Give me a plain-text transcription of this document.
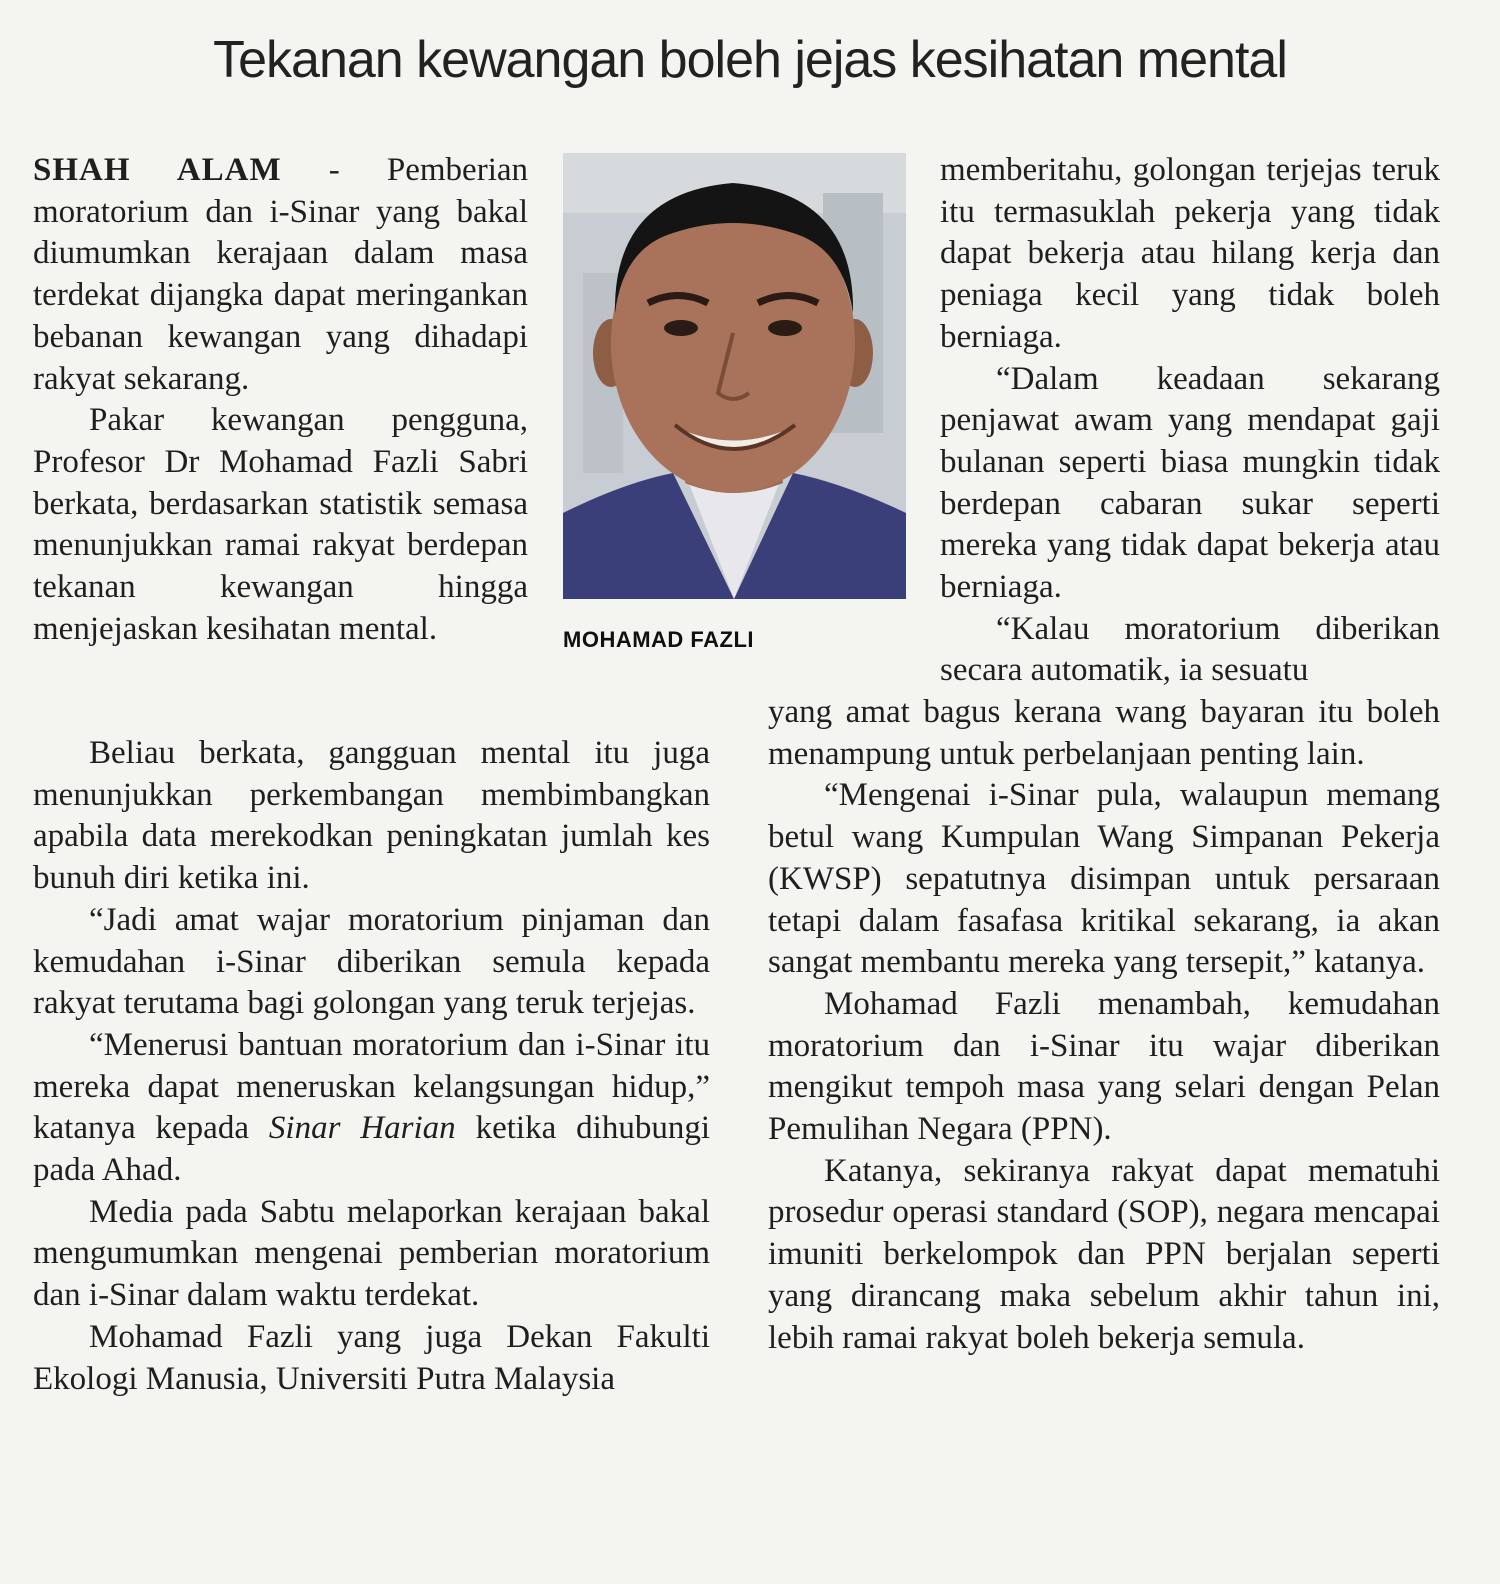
Tekanan kewangan boleh jejas kesihatan mental

SHAH ALAM - Pemberian moratorium dan i-Sinar yang bakal diumumkan kerajaan dalam masa terdekat dijangka dapat meringankan bebanan kewangan yang dihadapi rakyat sekarang.

Pakar kewangan pengguna, Profesor Dr Mohamad Fazli Sabri berkata, berdasarkan statistik semasa menunjukkan ramai rakyat berdepan tekanan kewangan hingga menjejaskan kesihatan mental.

Beliau berkata, gangguan mental itu juga menunjukkan perkembangan membimbangkan apabila data merekodkan peningkatan jumlah kes bunuh diri ketika ini.

“Jadi amat wajar moratorium pinjaman dan kemudahan i-Sinar diberikan semula kepada rakyat terutama bagi golongan yang teruk terjejas.

“Menerusi bantuan moratorium dan i-Sinar itu mereka dapat meneruskan kelangsungan hidup,” katanya kepada Sinar Harian ketika dihubungi pada Ahad.

Media pada Sabtu melaporkan kerajaan bakal mengumumkan mengenai pemberian moratorium dan i-Sinar dalam waktu terdekat.

Mohamad Fazli yang juga Dekan Fakulti Ekologi Manusia, Universiti Putra Malaysia

MOHAMAD FAZLI

memberitahu, golongan terjejas teruk itu termasuklah pekerja yang tidak dapat bekerja atau hilang kerja dan peniaga kecil yang tidak boleh berniaga.

“Dalam keadaan sekarang penjawat awam yang mendapat gaji bulanan seperti biasa mungkin tidak berdepan cabaran sukar seperti mereka yang tidak dapat bekerja atau berniaga.

“Kalau moratorium diberikan secara automatik, ia sesuatu

yang amat bagus kerana wang bayaran itu boleh menampung untuk perbelanjaan penting lain.

“Mengenai i-Sinar pula, walaupun memang betul wang Kumpulan Wang Simpanan Pekerja (KWSP) sepatutnya disimpan untuk persaraan tetapi dalam fasafasa kritikal sekarang, ia akan sangat membantu mereka yang tersepit,” katanya.

Mohamad Fazli menambah, kemudahan moratorium dan i-Sinar itu wajar diberikan mengikut tempoh masa yang selari dengan Pelan Pemulihan Negara (PPN).

Katanya, sekiranya rakyat dapat mematuhi prosedur operasi standard (SOP), negara mencapai imuniti berkelompok dan PPN berjalan seperti yang dirancang maka sebelum akhir tahun ini, lebih ramai rakyat boleh bekerja semula.
